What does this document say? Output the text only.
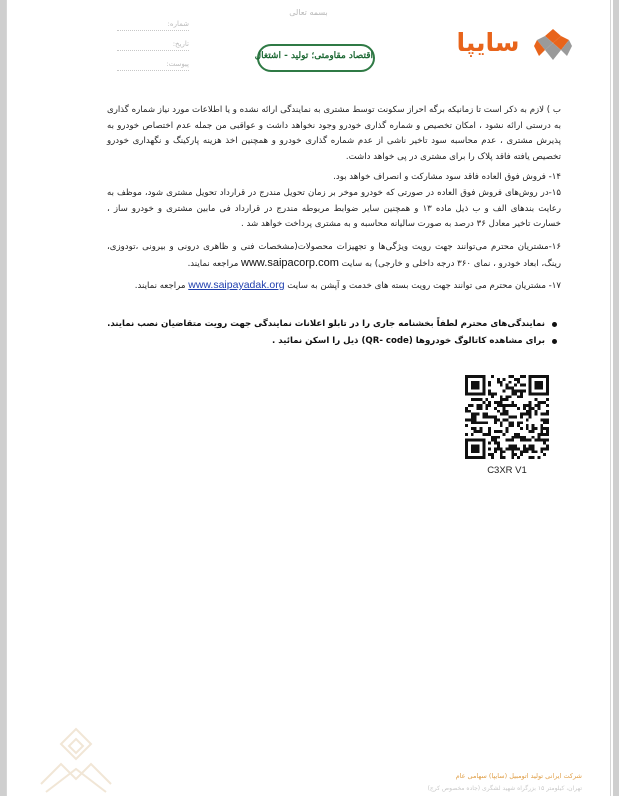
بسمه تعالی
شماره:
تاریخ:
پیوست:
اقتصاد مقاومتی؛ تولید - اشتغال	سایپا
ب ) لازم به ذکر است تا زمانیکه برگه احراز سکونت توسط مشتری به نمایندگی ارائه نشده و یا اطلاعات مورد نیاز شماره گذاری به درستی ارائه نشود ، امکان تخصیص و شماره گذاری خودرو وجود نخواهد داشت و عواقبی من جمله عدم اختصاص خودرو به پذیرش مشتری ، عدم محاسبه سود تاخیر ناشی از عدم شماره گذاری خودرو و همچنین اخذ هزینه پارکینگ و نگهداری خودرو تخصیص یافته فاقد پلاک را برای مشتری در پی خواهد داشت.
۱۴- فروش فوق العاده فاقد سود مشارکت و انصراف خواهد بود.
۱۵-در روش‌های فروش فوق العاده در صورتی که خودرو موخر بر زمان تحویل مندرج در قرارداد تحویل مشتری شود، موظف به رعایت بندهای الف و ب ذیل ماده ۱۳ و همچنین سایر ضوابط مربوطه مندرج در قرارداد فی مابین مشتری و خودرو ساز ، خسارت تاخیر معادل ۳۶ درصد به صورت سالیانه محاسبه و به مشتری پرداخت خواهد شد .
۱۶-مشتریان محترم می‌توانند جهت رویت ویژگی‌ها و تجهیزات محصولات(مشخصات فنی و ظاهری درونی و بیرونی ،تودوزی، رینگ، ابعاد خودرو ، نمای ۳۶۰ درجه داخلی و خارجی) به سایت www.saipacorp.com مراجعه نمایند.
۱۷- مشتریان محترم می توانند جهت رویت بسته های خدمت و آپشن به سایت www.saipayadak.org مراجعه نمایند.
نمایندگی‌های محترم لطفاً بخشنامه جاری را در تابلو اعلانات نمایندگی جهت رویت متقاضیان نصب نمایند.
برای مشاهده کاتالوگ خودروها (QR- code) ذیل را اسکن نمائید .
C3XR V1
شرکت ایرانی تولید اتومبیل (سایپا) سهامی عام
تهران، کیلومتر ۱۵ بزرگراه شهید لشگری (جاده مخصوص کرج)
